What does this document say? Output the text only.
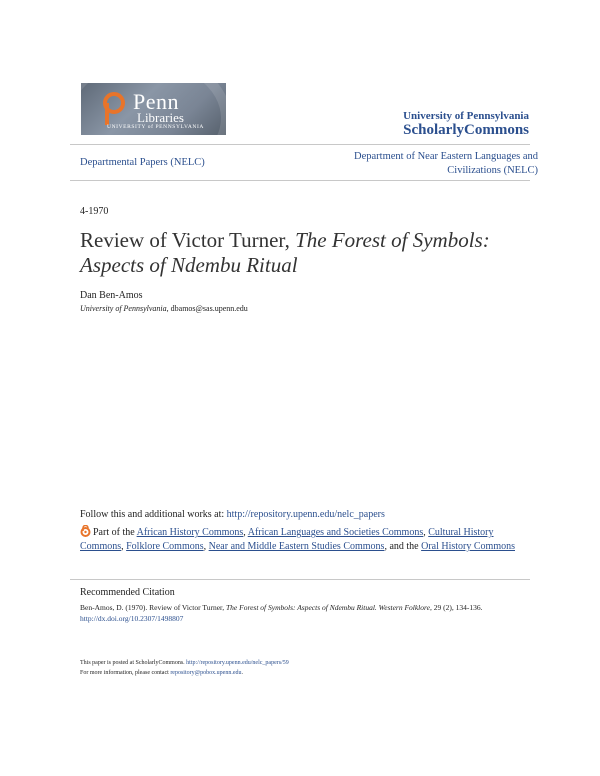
Penn
Libraries
UNIVERSITY of PENNSYLVANIA
University of Pennsylvania
ScholarlyCommons
Departmental Papers (NELC)
Department of Near Eastern Languages and Civilizations (NELC)
4-1970
Review of Victor Turner, The Forest of Symbols: Aspects of Ndembu Ritual
Dan Ben-Amos
University of Pennsylvania, dbamos@sas.upenn.edu
Follow this and additional works at: http://repository.upenn.edu/nelc_papers
Part of the African History Commons, African Languages and Societies Commons, Cultural History Commons, Folklore Commons, Near and Middle Eastern Studies Commons, and the Oral History Commons
Recommended Citation
Ben-Amos, D. (1970). Review of Victor Turner, The Forest of Symbols: Aspects of Ndembu Ritual. Western Folklore, 29 (2), 134-136.
http://dx.doi.org/10.2307/1498807
This paper is posted at ScholarlyCommons. http://repository.upenn.edu/nelc_papers/59
For more information, please contact repository@pobox.upenn.edu.
